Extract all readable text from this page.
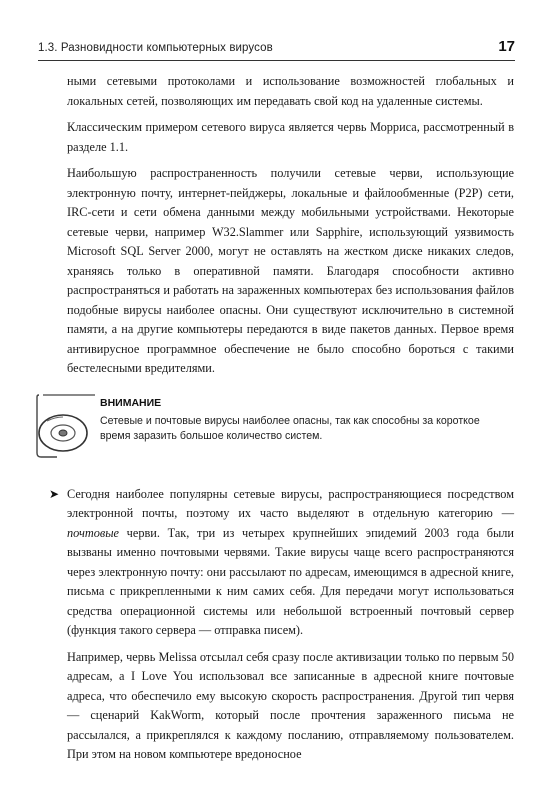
1.3. Разновидности компьютерных вирусов	17

ными сетевыми протоколами и использование возможностей глобальных и локальных сетей, позволяющих им передавать свой код на удаленные системы.

Классическим примером сетевого вируса является червь Морриса, рассмотренный в разделе 1.1.

Наибольшую распространенность получили сетевые черви, использующие электронную почту, интернет-пейджеры, локальные и файлообменные (P2P) сети, IRC-сети и сети обмена данными между мобильными устройствами. Некоторые сетевые черви, например W32.Slammer или Sapphire, использующий уязвимость Microsoft SQL Server 2000, могут не оставлять на жестком диске никаких следов, храняясь только в оперативной памяти. Благодаря способности активно распространяться и работать на зараженных компьютерах без использования файлов подобные вирусы наиболее опасны. Они существуют исключительно в системной памяти, а на другие компьютеры передаются в виде пакетов данных. Первое время антивирусное программное обеспечение не было способно бороться с такими бестелесными вредителями.

ВНИМАНИЕ
Сетевые и почтовые вирусы наиболее опасны, так как способны за короткое время заразить большое количество систем.

➤ Сегодня наиболее популярны сетевые вирусы, распространяющиеся посредством электронной почты, поэтому их часто выделяют в отдельную категорию — почтовые черви. Так, три из четырех крупнейших эпидемий 2003 года были вызваны именно почтовыми червями. Такие вирусы чаще всего распространяются через электронную почту: они рассылают по адресам, имеющимся в адресной книге, письма с прикрепленными к ним самих себя. Для передачи могут использоваться средства операционной системы или небольшой встроенный почтовый сервер (функция такого сервера — отправка писем).

Например, червь Melissa отсылал себя сразу после активизации только по первым 50 адресам, а I Love You использовал все записанные в адресной книге почтовые адреса, что обеспечило ему высокую скорость распространения. Другой тип червя — сценарий KakWorm, который после прочтения зараженного письма не рассылался, а прикреплялся к каждому посланию, отправляемому пользователем. При этом на новом компьютере вредоносное
